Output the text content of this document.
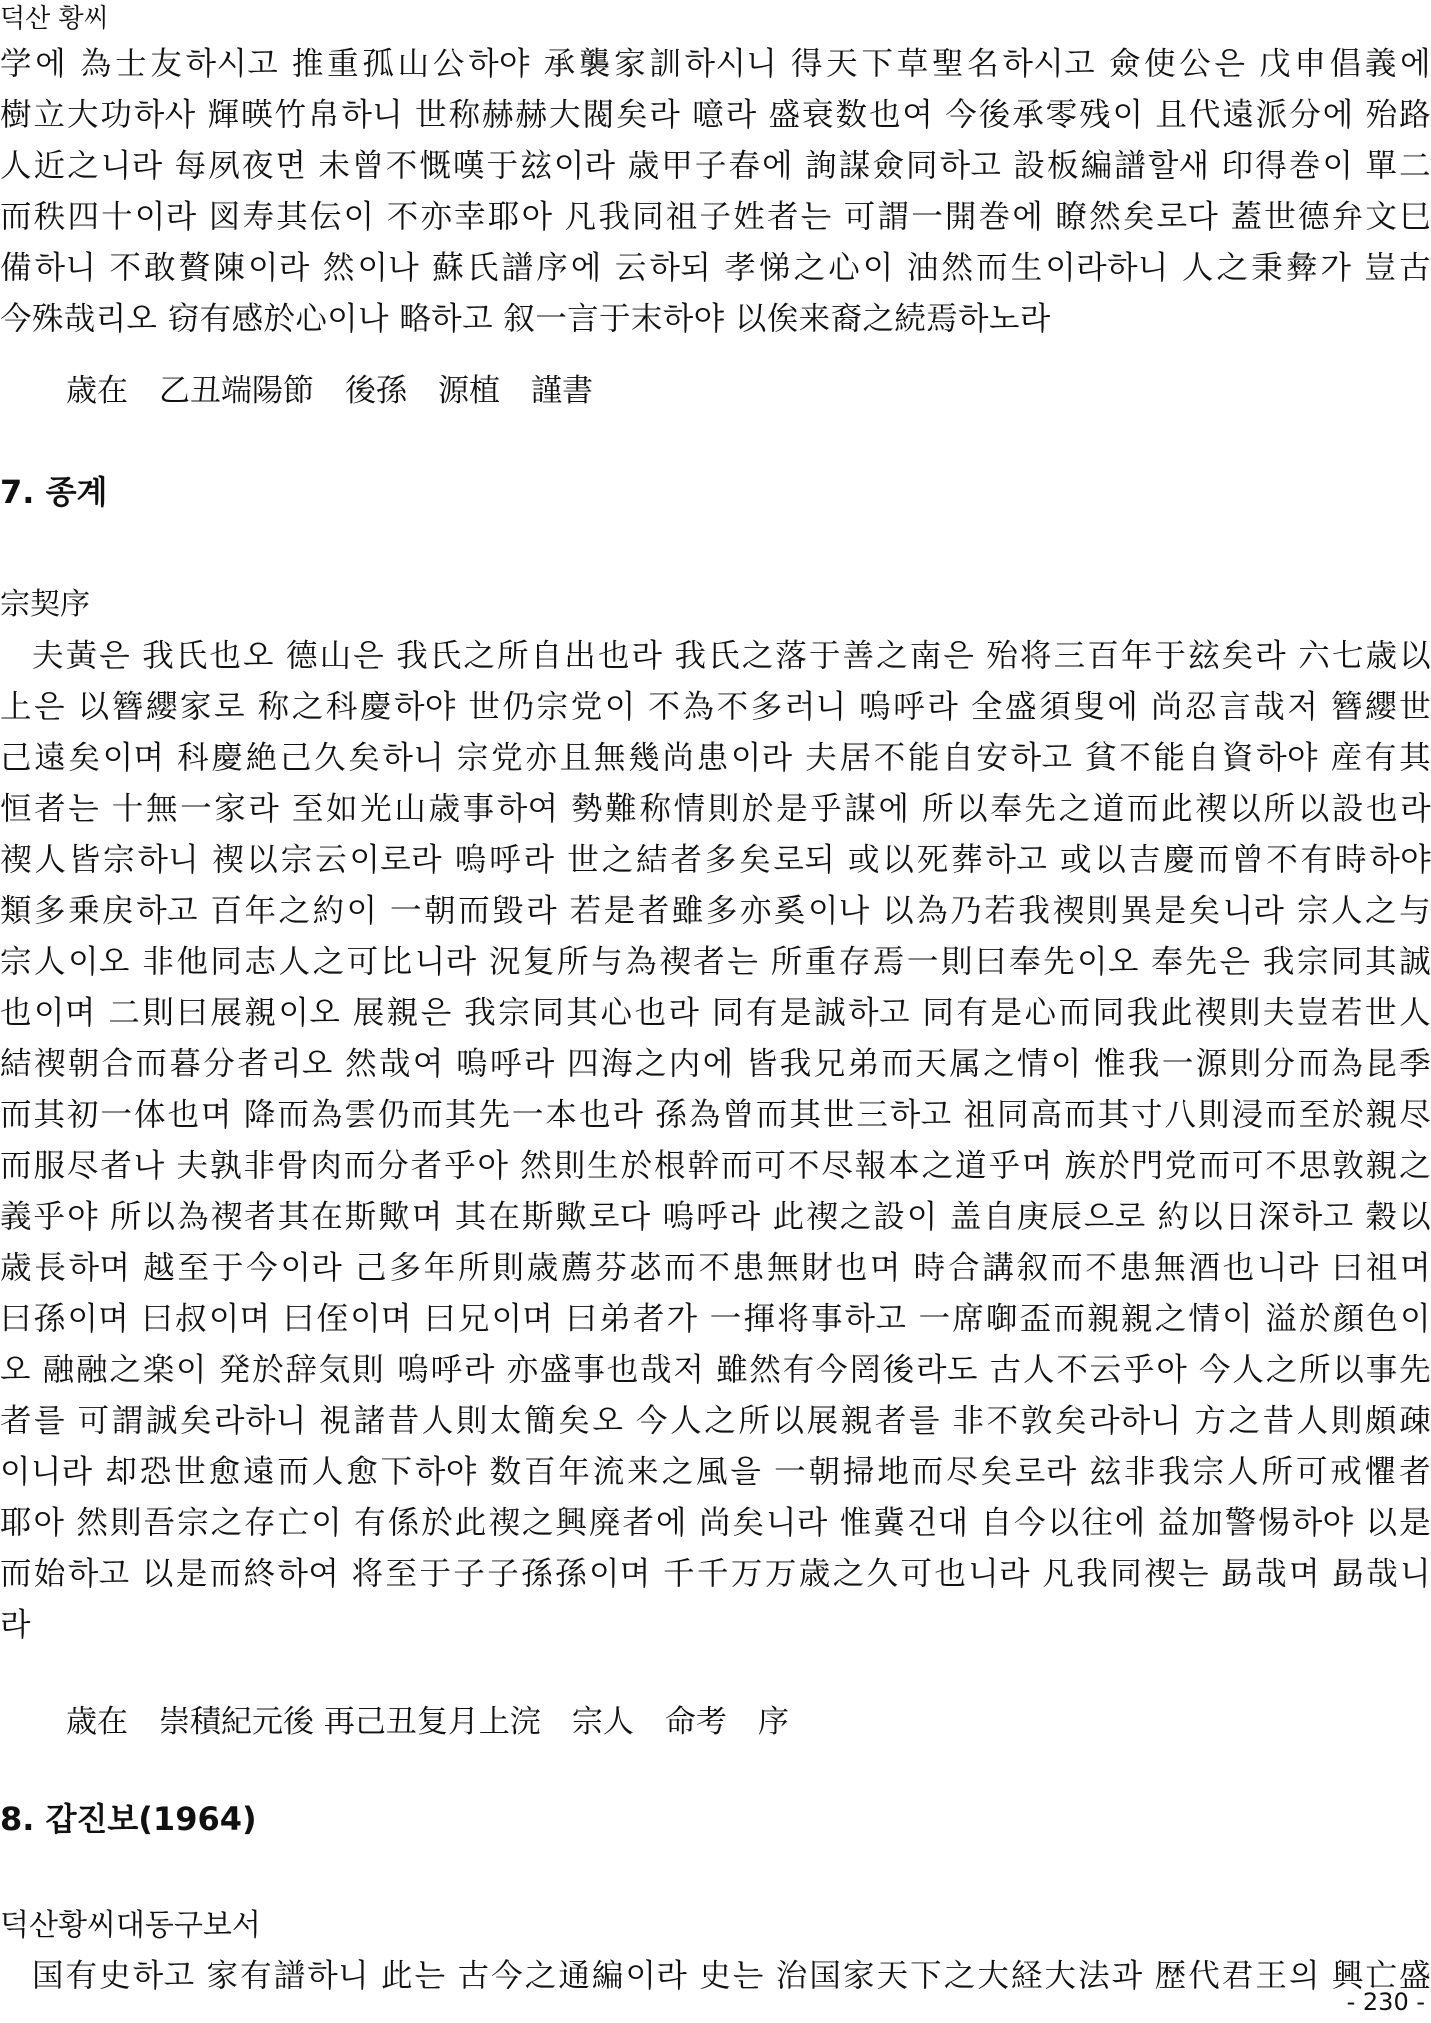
덕산 황씨
学에 為士友하시고 推重孤山公하야 承襲家訓하시니 得天下草聖名하시고 僉使公은 戊申倡義에
樹立大功하사 輝暎竹帛하니 世称赫赫大閥矣라 噫라 盛衰数也여 今後承零残이 且代遠派分에 殆路
人近之니라 每夙夜면 未曾不慨嘆于玆이라 歳甲子春에 詢謀僉同하고 設板編譜할새 印得巻이 單二
而秩四十이라 図寿其伝이 不亦幸耶아 凡我同祖子姓者는 可謂一開巻에 瞭然矣로다 蓋世德弁文巳
備하니 不敢贅陳이라 然이나 蘇氏譜序에 云하되 孝悌之心이 油然而生이라하니 人之秉彜가 豈古
今殊哉리오 窃有感於心이나 略하고 叙一言于末하야 以俟来裔之続焉하노라
歳在　乙丑端陽節　後孫　源植　謹書
7. 종계
宗契序
夫黃은 我氏也오 德山은 我氏之所自出也라 我氏之落于善之南은 殆将三百年于玆矣라 六七歳以
上은 以簪纓家로 称之科慶하야 世仍宗党이 不為不多러니 嗚呼라 全盛須叟에 尚忍言哉저 簪纓世
己遠矣이며 科慶絶己久矣하니 宗党亦且無幾尚患이라 夫居不能自安하고 貧不能自資하야 産有其
恒者는 十無一家라 至如光山歳事하여 勢難称情則於是乎謀에 所以奉先之道而此禊以所以設也라
禊人皆宗하니 禊以宗云이로라 嗚呼라 世之結者多矣로되 或以死葬하고 或以吉慶而曾不有時하야
類多乗戻하고 百年之約이 一朝而毀라 若是者雖多亦奚이나 以為乃若我禊則異是矣니라 宗人之与
宗人이오 非他同志人之可比니라 況复所与為禊者는 所重存焉一則曰奉先이오 奉先은 我宗同其誠
也이며 二則曰展親이오 展親은 我宗同其心也라 同有是誠하고 同有是心而同我此禊則夫豈若世人
結禊朝合而暮分者리오 然哉여 嗚呼라 四海之内에 皆我兄弟而天属之情이 惟我一源則分而為昆季
而其初一体也며 降而為雲仍而其先一本也라 孫為曾而其世三하고 祖同高而其寸八則浸而至於親尽
而服尽者나 夫孰非骨肉而分者乎아 然則生於根幹而可不尽報本之道乎며 族於門党而可不思敦親之
義乎야 所以為禊者其在斯歟며 其在斯歟로다 嗚呼라 此禊之設이 盖自庚辰으로 約以日深하고 穀以
歳長하며 越至于今이라 己多年所則歳薦芬苾而不患無財也며 時合講叙而不患無酒也니라 曰祖며
曰孫이며 曰叔이며 曰侄이며 曰兄이며 曰弟者가 一揮将事하고 一席啣盃而親親之情이 溢於顔色이
오 融融之楽이 発於辞気則 嗚呼라 亦盛事也哉저 雖然有今罔後라도 古人不云乎아 今人之所以事先
者를 可謂誠矣라하니 視諸昔人則太簡矣오 今人之所以展親者를 非不敦矣라하니 方之昔人則頗疎
이니라 却恐世愈遠而人愈下하야 数百年流来之風을 一朝掃地而尽矣로라 玆非我宗人所可戒懼者
耶아 然則吾宗之存亡이 有係於此禊之興廃者에 尚矣니라 惟冀건대 自今以往에 益加警惕하야 以是
而始하고 以是而終하여 将至于子子孫孫이며 千千万万歳之久可也니라 凡我同禊는 勗哉며 勗哉니
라
歳在　崇積紀元後 再己丑复月上浣　宗人　命考　序
8. 갑진보(1964)
덕산황씨대동구보서
国有史하고 家有譜하니 此는 古今之通編이라 史는 治国家天下之大経大法과 歴代君王의 興亡盛
- 230 -
